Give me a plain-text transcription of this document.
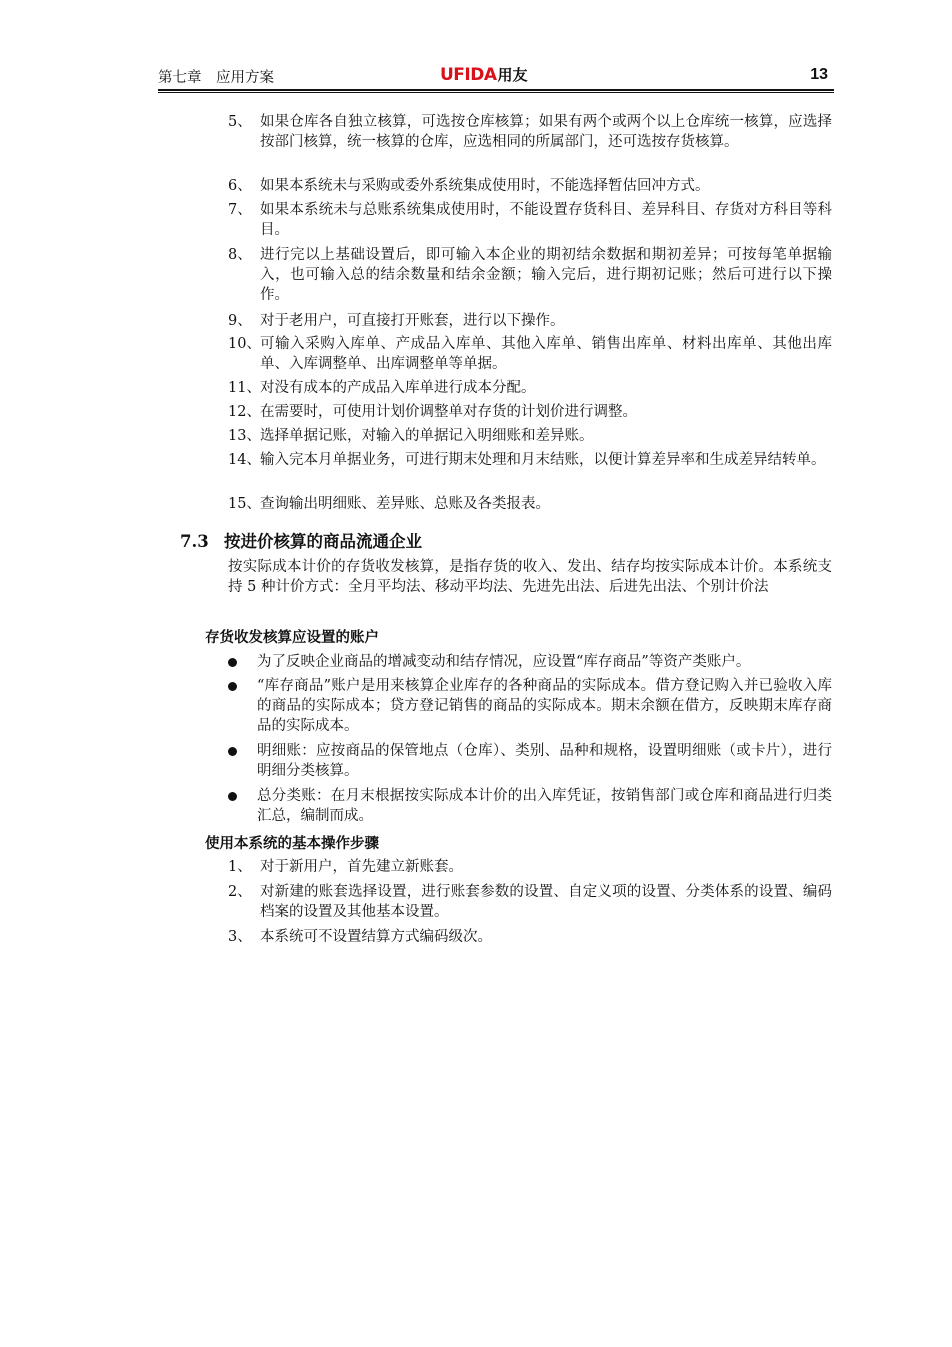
第七章　应用方案	UFIDA用友	13
5、 如果仓库各自独立核算，可选按仓库核算；如果有两个或两个以上仓库统一核算，应选择按部门核算，统一核算的仓库，应选相同的所属部门，还可选按存货核算。
6、 如果本系统未与采购或委外系统集成使用时，不能选择暂估回冲方式。
7、 如果本系统未与总账系统集成使用时，不能设置存货科目、差异科目、存货对方科目等科目。
8、 进行完以上基础设置后，即可输入本企业的期初结余数据和期初差异；可按每笔单据输入，也可输入总的结余数量和结余金额；输入完后，进行期初记账；然后可进行以下操作。
9、 对于老用户，可直接打开账套，进行以下操作。
10、 可输入采购入库单、产成品入库单、其他入库单、销售出库单、材料出库单、其他出库单、入库调整单、出库调整单等单据。
11、 对没有成本的产成品入库单进行成本分配。
12、 在需要时，可使用计划价调整单对存货的计划价进行调整。
13、 选择单据记账，对输入的单据记入明细账和差异账。
14、 输入完本月单据业务，可进行期末处理和月末结账，以便计算差异率和生成差异结转单。
15、 查询输出明细账、差异账、总账及各类报表。
7.3 按进价核算的商品流通企业
按实际成本计价的存货收发核算，是指存货的收入、发出、结存均按实际成本计价。本系统支持 5 种计价方式：全月平均法、移动平均法、先进先出法、后进先出法、个别计价法
存货收发核算应设置的账户
为了反映企业商品的增减变动和结存情况，应设置“库存商品”等资产类账户。
“库存商品”账户是用来核算企业库存的各种商品的实际成本。借方登记购入并已验收入库的商品的实际成本；贷方登记销售的商品的实际成本。期末余额在借方，反映期末库存商品的实际成本。
明细账：应按商品的保管地点（仓库）、类别、品种和规格，设置明细账（或卡片），进行明细分类核算。
总分类账：在月末根据按实际成本计价的出入库凭证，按销售部门或仓库和商品进行归类汇总，编制而成。
使用本系统的基本操作步骤
1、 对于新用户，首先建立新账套。
2、 对新建的账套选择设置，进行账套参数的设置、自定义项的设置、分类体系的设置、编码档案的设置及其他基本设置。
3、 本系统可不设置结算方式编码级次。
